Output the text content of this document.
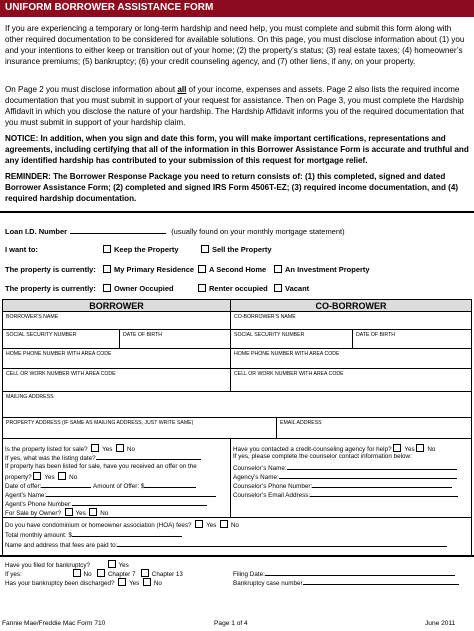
UNIFORM BORROWER ASSISTANCE FORM
If you are experiencing a temporary or long-term hardship and need help, you must complete and submit this form along with other required documentation to be considered for available solutions. On this page, you must disclose information about (1) you and your intentions to either keep or transition out of your home; (2) the property’s status; (3) real estate taxes; (4) homeowner’s insurance premiums; (5) bankruptcy; (6) your credit counseling agency, and (7) other liens, if any, on your property.
On Page 2 you must disclose information about all of your income, expenses and assets. Page 2 also lists the required income documentation that you must submit in support of your request for assistance. Then on Page 3, you must complete the Hardship Affidavit in which you disclose the nature of your hardship. The Hardship Affidavit informs you of the required documentation that you must submit in support of your hardship claim.
NOTICE: In addition, when you sign and date this form, you will make important certifications, representations and agreements, including certifying that all of the information in this Borrower Assistance Form is accurate and truthful and any identified hardship has contributed to your submission of this request for mortgage relief.
REMINDER: The Borrower Response Package you need to return consists of: (1) this completed, signed and dated Borrower Assistance Form; (2) completed and signed IRS Form 4506T-EZ; (3) required income documentation, and (4) required hardship documentation.
Loan I.D. Number	(usually found on your monthly mortgage statement)
I want to:	Keep the Property	Sell the Property
The property is currently:	My Primary Residence	A Second Home	An Investment Property
The property is currently:	Owner Occupied	Renter occupied	Vacant
BORROWER	CO-BORROWER
BORROWER’S NAME	CO-BORROWER’S NAME
SOCIAL SECURITY NUMBER	DATE OF BIRTH	SOCIAL SECURITY NUMBER	DATE OF BIRTH
HOME PHONE NUMBER WITH AREA CODE	HOME PHONE NUMBER WITH AREA CODE
CELL OR WORK NUMBER WITH AREA CODE	CELL OR WORK NUMBER WITH AREA CODE
MAILING ADDRESS
PROPERTY ADDRESS (IF SAME AS MAILING ADDRESS, JUST WRITE SAME)	EMAIL ADDRESS
Is the property listed for sale? Yes No
If yes, what was the listing date?
If property has been listed for sale, have you received an offer on the
property? Yes No
Date of offer:	Amount of Offer: $
Agent’s Name:
Agent’s Phone Number:
For Sale by Owner? Yes No
Have you contacted a credit-counseling agency for help? Yes No
If yes, please complete the counselor contact information below:
Counselor’s Name:
Agency’s Name:
Counselor’s Phone Number:
Counselor’s Email Address:
Do you have condominium or homeowner association (HOA) fees? Yes No
Total monthly amount: $
Name and address that fees are paid to:
Have you filed for bankruptcy?	Yes
If yes:	No	Chapter 7	Chapter 13
Has your bankruptcy been discharged? Yes No
Filing Date:
Bankruptcy case number
Fannie Mae/Freddie Mac Form 710	Page 1 of 4	June 2011
